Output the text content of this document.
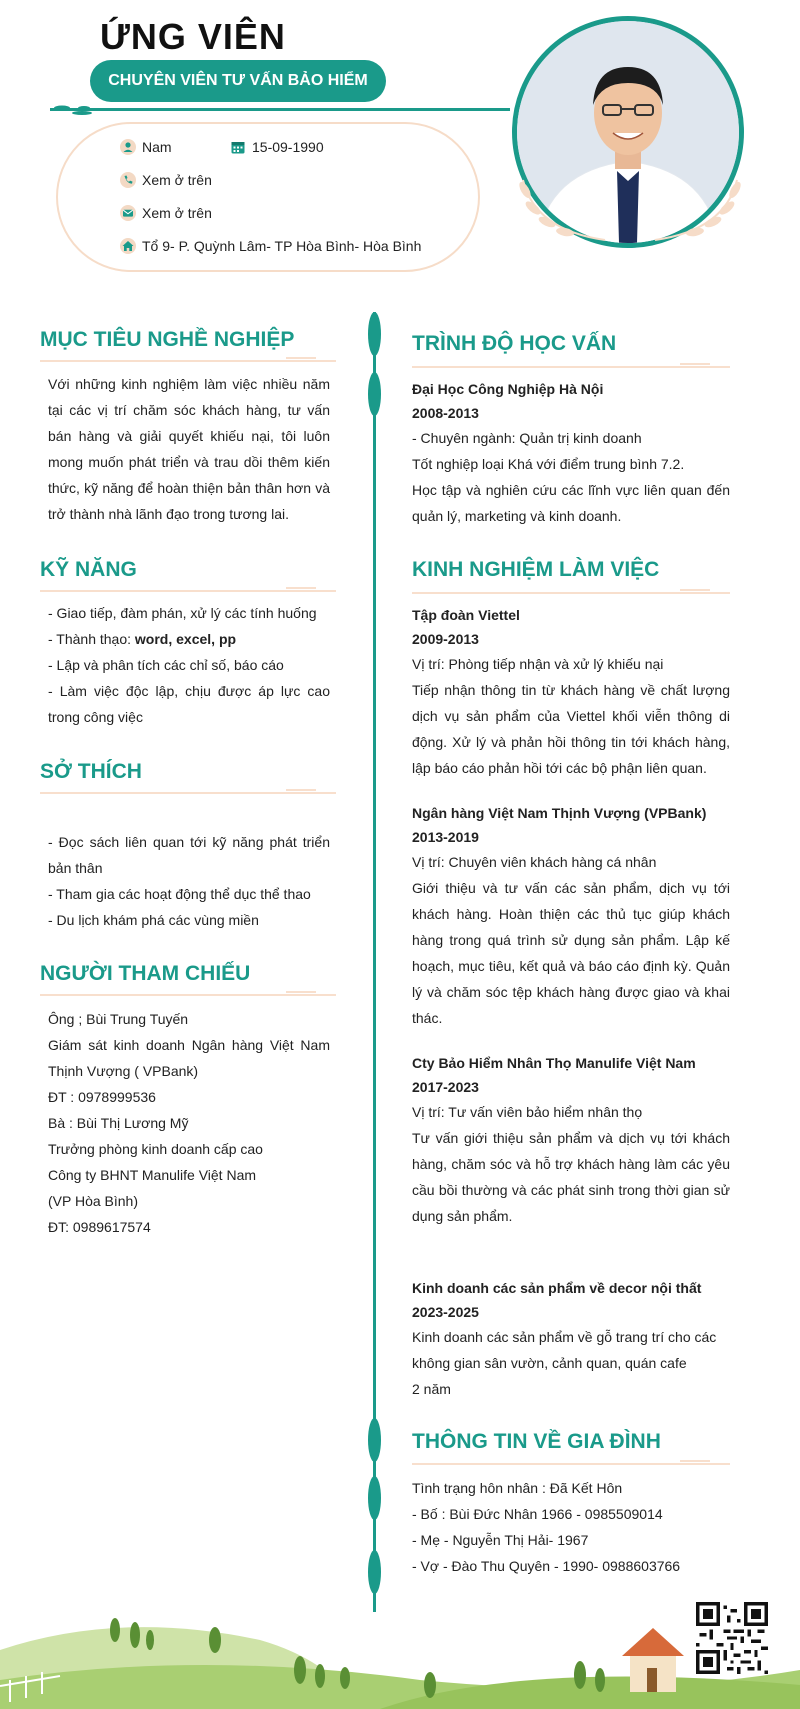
ỨNG VIÊN
CHUYÊN VIÊN TƯ VẤN BẢO HIỂM
Nam	15-09-1990
Xem ở trên
Xem ở trên
Tổ 9- P. Quỳnh Lâm- TP Hòa Bình- Hòa Bình
MỤC TIÊU NGHỀ NGHIỆP
Với những kinh nghiệm làm việc nhiều năm tại các vị trí chăm sóc khách hàng, tư vấn bán hàng và giải quyết khiếu nại, tôi luôn mong muốn phát triển và trau dồi thêm kiến thức, kỹ năng để hoàn thiện bản thân hơn và trở thành nhà lãnh đạo trong tương lai.
KỸ NĂNG
- Giao tiếp, đàm phán, xử lý các tính huống
- Thành thạo: word, excel, pp
- Lập và phân tích các chỉ số, báo cáo
- Làm việc độc lập, chịu được áp lực cao trong công việc
SỞ THÍCH
- Đọc sách liên quan tới kỹ năng phát triển bản thân
- Tham gia các hoạt động thể dục thể thao
- Du lịch khám phá các vùng miền
NGƯỜI THAM CHIẾU
Ông ; Bùi Trung Tuyến
Giám sát kinh doanh Ngân hàng Việt Nam Thịnh Vượng ( VPBank)
ĐT : 0978999536
Bà : Bùi Thị Lương Mỹ
Trưởng phòng kinh doanh cấp cao
Công ty BHNT Manulife Việt Nam
(VP Hòa Bình)
ĐT: 0989617574
TRÌNH ĐỘ HỌC VẤN
Đại Học Công Nghiệp Hà Nội
2008-2013
- Chuyên ngành: Quản trị kinh doanh
Tốt nghiệp loại Khá với điểm trung bình 7.2.
Học tập và nghiên cứu các lĩnh vực liên quan đến quản lý, marketing và kinh doanh.
KINH NGHIỆM LÀM VIỆC
Tập đoàn Viettel
2009-2013
Vị trí: Phòng tiếp nhận và xử lý khiếu nại
Tiếp nhận thông tin từ khách hàng về chất lượng dịch vụ sản phẩm của Viettel khối viễn thông di động. Xử lý và phản hồi thông tin tới khách hàng, lập báo cáo phản hồi tới các bộ phận liên quan.
Ngân hàng Việt Nam Thịnh Vượng (VPBank)
2013-2019
Vị trí: Chuyên viên khách hàng cá nhân
Giới thiệu và tư vấn các sản phẩm, dịch vụ tới khách hàng. Hoàn thiện các thủ tục giúp khách hàng trong quá trình sử dụng sản phẩm. Lập kế hoạch, mục tiêu, kết quả và báo cáo định kỳ. Quản lý và chăm sóc tệp khách hàng được giao và khai thác.
Cty Bảo Hiểm Nhân Thọ Manulife Việt Nam
2017-2023
Vị trí: Tư vấn viên bảo hiểm nhân thọ
Tư vấn giới thiệu sản phẩm và dịch vụ tới khách hàng, chăm sóc và hỗ trợ khách hàng làm các yêu cầu bồi thường và các phát sinh trong thời gian sử dụng sản phẩm.
Kinh doanh các sản phẩm về decor nội thất
2023-2025
Kinh doanh các sản phẩm về gỗ trang trí cho các không gian sân vườn, cảnh quan, quán cafe
2 năm
THÔNG TIN VỀ GIA ĐÌNH
Tình trạng hôn nhân : Đã Kết Hôn
- Bố : Bùi Đức Nhân 1966 - 0985509014
- Mẹ - Nguyễn Thị Hải- 1967
- Vợ - Đào Thu Quyên - 1990- 0988603766
